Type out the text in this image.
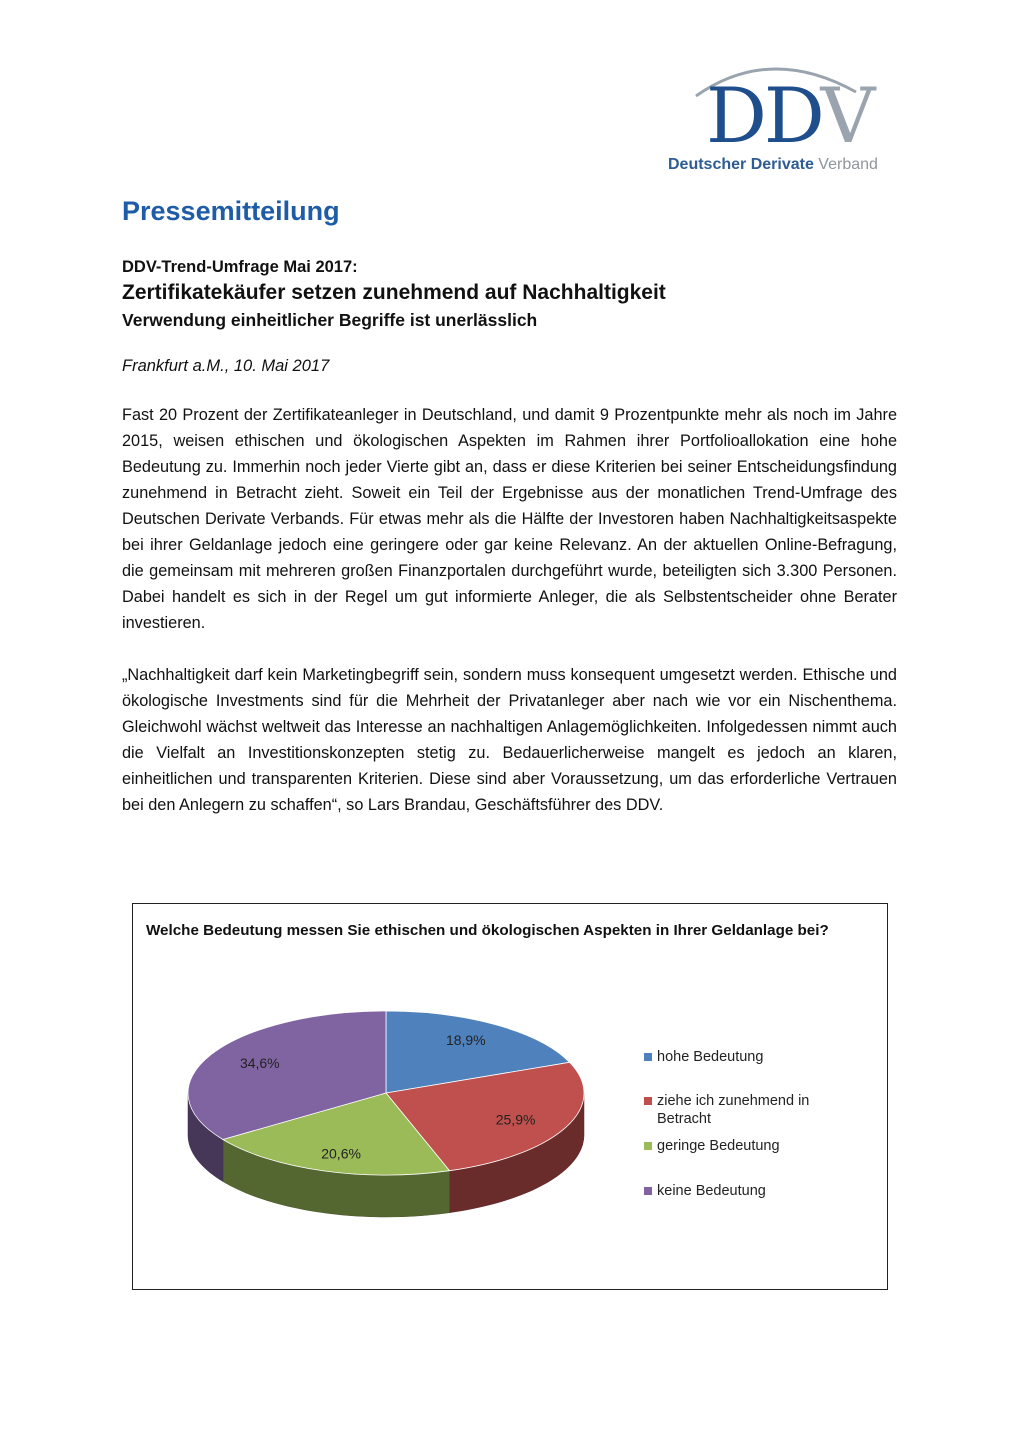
DDV
Deutscher Derivate Verband
Pressemitteilung
DDV-Trend-Umfrage Mai 2017:
Zertifikatekäufer setzen zunehmend auf Nachhaltigkeit
Verwendung einheitlicher Begriffe ist unerlässlich
Frankfurt a.M., 10. Mai 2017

Fast 20 Prozent der Zertifikateanleger in Deutschland, und damit 9 Prozentpunkte mehr als noch im Jahre 2015, weisen ethischen und ökologischen Aspekten im Rahmen ihrer Portfolioallokation eine hohe Bedeutung zu. Immerhin noch jeder Vierte gibt an, dass er diese Kriterien bei seiner Entscheidungsfindung zunehmend in Betracht zieht. Soweit ein Teil der Ergebnisse aus der monatlichen Trend-Umfrage des Deutschen Derivate Verbands. Für etwas mehr als die Hälfte der Investoren haben Nachhaltigkeitsaspekte bei ihrer Geldanlage jedoch eine geringere oder gar keine Relevanz. An der aktuellen Online-Befragung, die gemeinsam mit mehreren großen Finanzportalen durchgeführt wurde, beteiligten sich 3.300 Personen. Dabei handelt es sich in der Regel um gut informierte Anleger, die als Selbstentscheider ohne Berater investieren.

„Nachhaltigkeit darf kein Marketingbegriff sein, sondern muss konsequent umgesetzt werden. Ethische und ökologische Investments sind für die Mehrheit der Privatanleger aber nach wie vor ein Nischenthema. Gleichwohl wächst weltweit das Interesse an nachhaltigen Anlagemöglichkeiten. Infolgedessen nimmt auch die Vielfalt an Investitionskonzepten stetig zu. Bedauerlicherweise mangelt es jedoch an klaren, einheitlichen und transparenten Kriterien. Diese sind aber Voraussetzung, um das erforderliche Vertrauen bei den Anlegern zu schaffen“, so Lars Brandau, Geschäftsführer des DDV.

Welche Bedeutung messen Sie ethischen und ökologischen Aspekten in Ihrer Geldanlage bei?
18,9%
25,9%
20,6%
34,6%	hohe Bedeutung
ziehe ich zunehmend in Betracht
geringe Bedeutung
keine Bedeutung
